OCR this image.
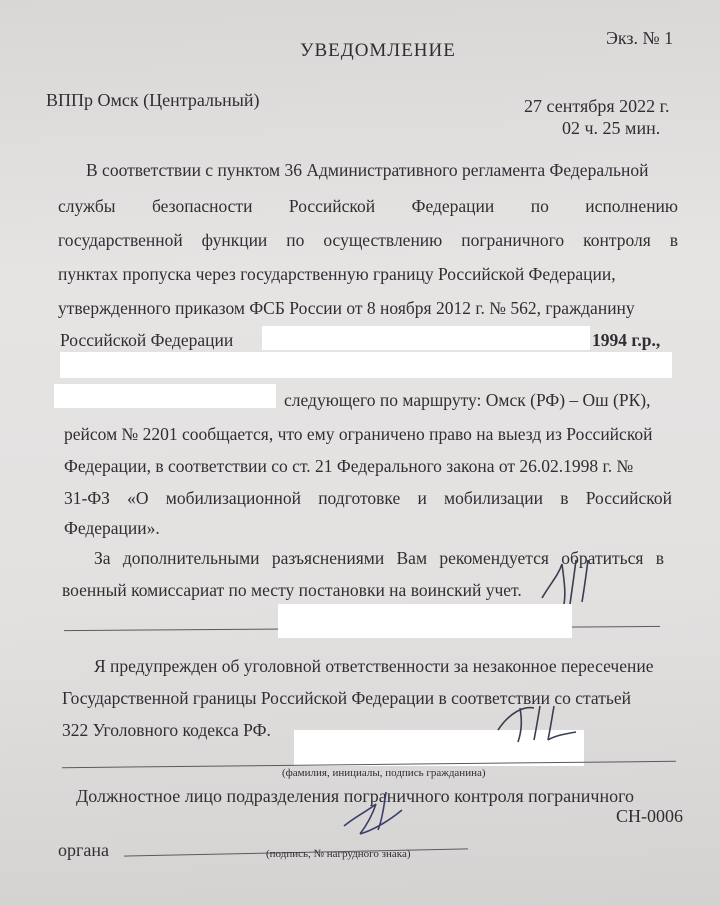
Экз. № 1
УВЕДОМЛЕНИЕ
ВППр Омск (Центральный)	27 сентября 2022 г.
02 ч. 25 мин.
В соответствии с пунктом 36 Административного регламента Федеральной
службы безопасности Российской Федерации по исполнению
государственной функции по осуществлению пограничного контроля в
пунктах пропуска через государственную границу Российской Федерации,
утвержденного приказом ФСБ России от 8 ноября 2012 г. № 562, гражданину
Российской Федерации	1994 г.р.,
следующего по маршруту: Омск (РФ) – Ош (РК),
рейсом № 2201 сообщается, что ему ограничено право на выезд из Российской
Федерации, в соответствии со ст. 21 Федерального закона от 26.02.1998 г. №
31-ФЗ «О мобилизационной подготовке и мобилизации в Российской
Федерации».
За дополнительными разъяснениями Вам рекомендуется обратиться в
военный комиссариат по месту постановки на воинский учет.
Я предупрежден об уголовной ответственности за незаконное пересечение
Государственной границы Российской Федерации в соответствии со статьей
322 Уголовного кодекса РФ.
(фамилия, инициалы, подпись гражданина)
Должностное лицо подразделения пограничного контроля пограничного
СН-0006
органа	(подпись, № нагрудного знака)
